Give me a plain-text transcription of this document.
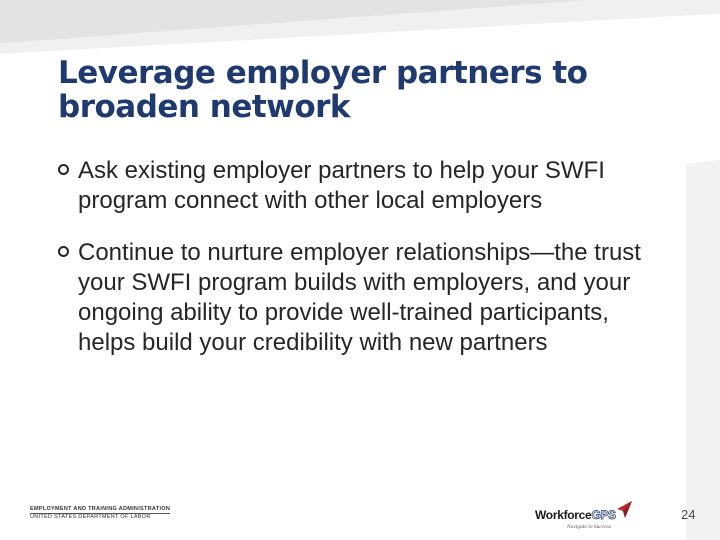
Leverage employer partners to broaden network
Ask existing employer partners to help your SWFI program connect with other local employers
Continue to nurture employer relationships—the trust your SWFI program builds with employers, and your ongoing ability to provide well-trained participants, helps build your credibility with new partners
EMPLOYMENT AND TRAINING ADMINISTRATION
UNITED STATES DEPARTMENT OF LABOR	WorkforceGPS
Navigate to Success
24
